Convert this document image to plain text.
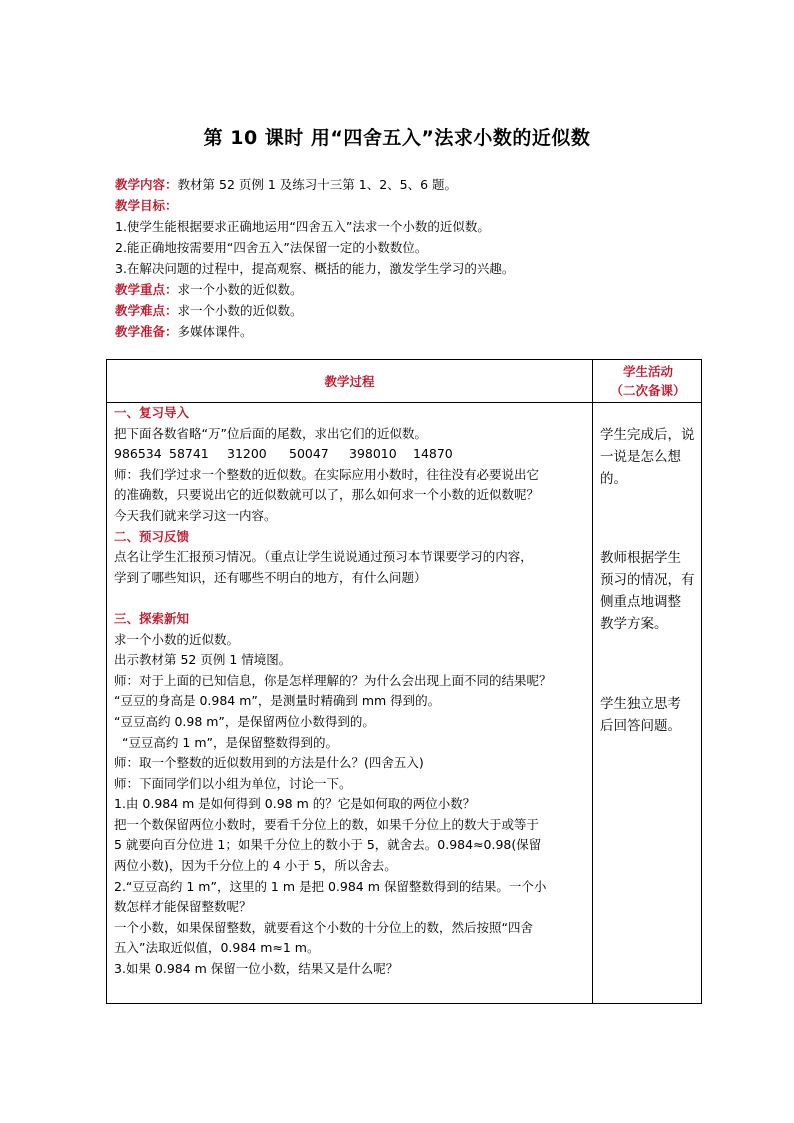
第 10 课时 用“四舍五入”法求小数的近似数
教学内容：教材第 52 页例 1 及练习十三第 1、2、5、6 题。
教学目标：
1.使学生能根据要求正确地运用“四舍五入”法求一个小数的近似数。
2.能正确地按需要用“四舍五入”法保留一定的小数数位。
3.在解决问题的过程中，提高观察、概括的能力，激发学生学习的兴趣。
教学重点：求一个小数的近似数。
教学难点：求一个小数的近似数。
教学准备：多媒体课件。
教学过程
学生活动
（二次备课）
一、复习导入
把下面各数省略“万”位后面的尾数，求出它们的近似数。
986534 58741 31200 50047 398010 14870
师：我们学过求一个整数的近似数。在实际应用小数时，往往没有必要说出它
的准确数，只要说出它的近似数就可以了，那么如何求一个小数的近似数呢？
今天我们就来学习这一内容。
二、预习反馈
点名让学生汇报预习情况。（重点让学生说说通过预习本节课要学习的内容，
学到了哪些知识，还有哪些不明白的地方，有什么问题）
三、探索新知
求一个小数的近似数。
出示教材第 52 页例 1 情境图。
师：对于上面的已知信息，你是怎样理解的？为什么会出现上面不同的结果呢？
“豆豆的身高是 0.984 m”，是测量时精确到 mm 得到的。
“豆豆高约 0.98 m”，是保留两位小数得到的。
“豆豆高约 1 m”，是保留整数得到的。
师：取一个整数的近似数用到的方法是什么？(四舍五入)
师：下面同学们以小组为单位，讨论一下。
1.由 0.984 m 是如何得到 0.98 m 的？它是如何取的两位小数？
把一个数保留两位小数时，要看千分位上的数，如果千分位上的数大于或等于
5 就要向百分位进 1；如果千分位上的数小于 5，就舍去。0.984≈0.98(保留
两位小数)，因为千分位上的 4 小于 5，所以舍去。
2.“豆豆高约 1 m”，这里的 1 m 是把 0.984 m 保留整数得到的结果。一个小
数怎样才能保留整数呢？
一个小数，如果保留整数，就要看这个小数的十分位上的数，然后按照“四舍
五入”法取近似值，0.984 m≈1 m。
3.如果 0.984 m 保留一位小数，结果又是什么呢？
学生完成后，说
一说是怎么想
的。
教师根据学生
预习的情况，有
侧重点地调整
教学方案。
学生独立思考
后回答问题。
